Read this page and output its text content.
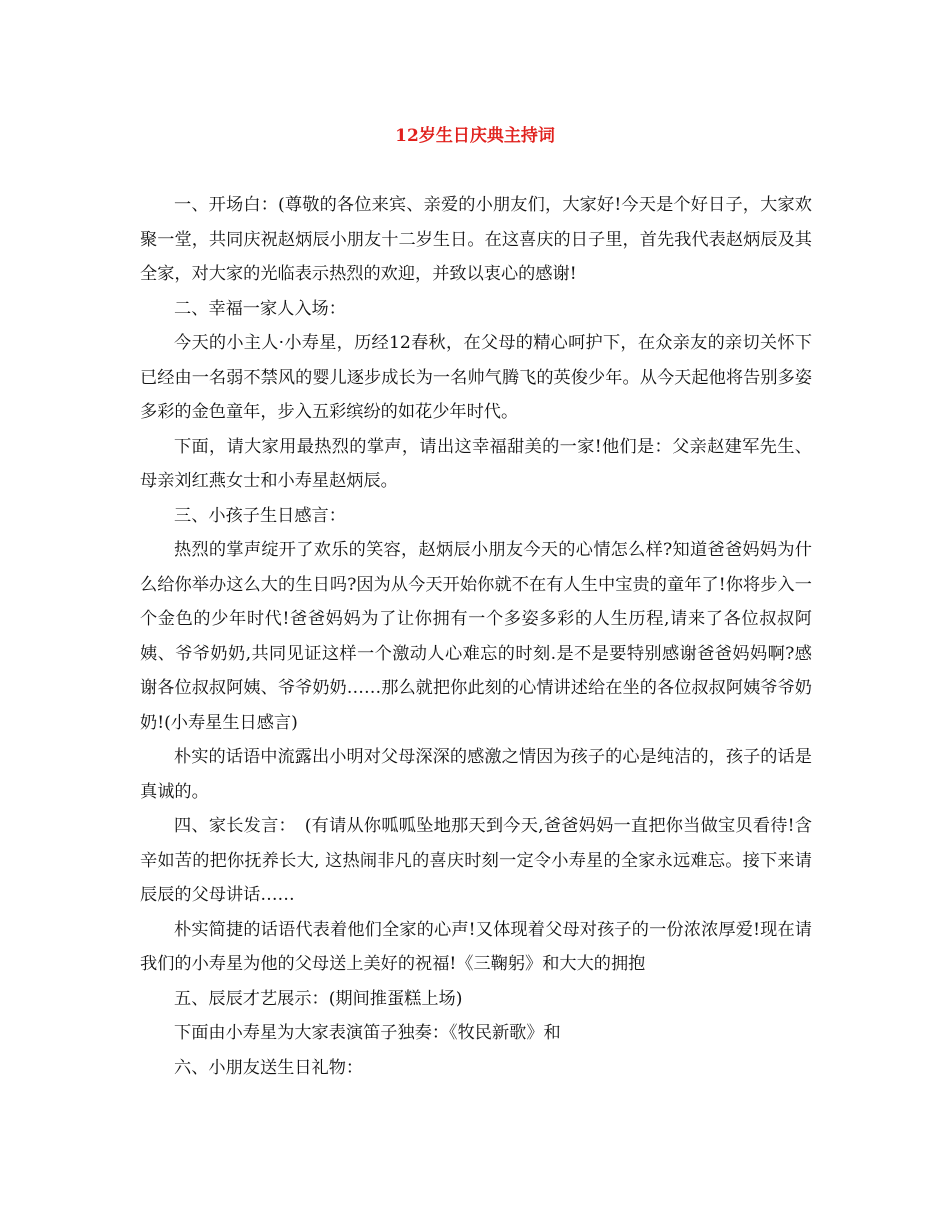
12岁生日庆典主持词

一、开场白：(尊敬的各位来宾、亲爱的小朋友们，大家好!今天是个好日子，大家欢聚一堂，共同庆祝赵炳辰小朋友十二岁生日。在这喜庆的日子里，首先我代表赵炳辰及其全家，对大家的光临表示热烈的欢迎，并致以衷心的感谢!

二、幸福一家人入场：

今天的小主人·小寿星，历经12春秋，在父母的精心呵护下，在众亲友的亲切关怀下已经由一名弱不禁风的婴儿逐步成长为一名帅气腾飞的英俊少年。从今天起他将告别多姿多彩的金色童年，步入五彩缤纷的如花少年时代。

下面，请大家用最热烈的掌声，请出这幸福甜美的一家!他们是：父亲赵建军先生、母亲刘红燕女士和小寿星赵炳辰。

三、小孩子生日感言：

热烈的掌声绽开了欢乐的笑容，赵炳辰小朋友今天的心情怎么样?知道爸爸妈妈为什么给你举办这么大的生日吗?因为从今天开始你就不在有人生中宝贵的童年了!你将步入一个金色的少年时代!爸爸妈妈为了让你拥有一个多姿多彩的人生历程,请来了各位叔叔阿姨、爷爷奶奶,共同见证这样一个激动人心难忘的时刻.是不是要特别感谢爸爸妈妈啊?感谢各位叔叔阿姨、爷爷奶奶……那么就把你此刻的心情讲述给在坐的各位叔叔阿姨爷爷奶奶!(小寿星生日感言)

朴实的话语中流露出小明对父母深深的感激之情因为孩子的心是纯洁的，孩子的话是真诚的。

四、家长发言：　(有请从你呱呱坠地那天到今天,爸爸妈妈一直把你当做宝贝看待!含辛如苦的把你抚养长大, 这热闹非凡的喜庆时刻一定令小寿星的全家永远难忘。接下来请辰辰的父母讲话……

朴实简捷的话语代表着他们全家的心声!又体现着父母对孩子的一份浓浓厚爱!现在请我们的小寿星为他的父母送上美好的祝福!《三鞠躬》和大大的拥抱

五、辰辰才艺展示：(期间推蛋糕上场)

下面由小寿星为大家表演笛子独奏：《牧民新歌》和

六、小朋友送生日礼物：
